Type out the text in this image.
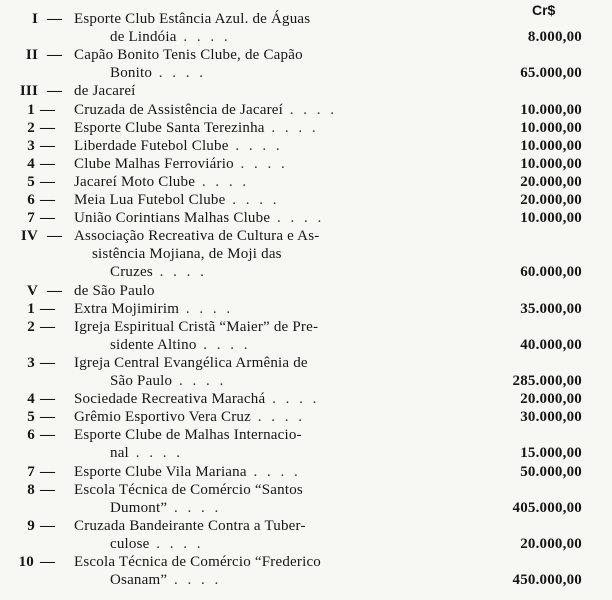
Cr$
I — Esporte Club Estância Azul. de Águas
de Lindóia . . . .	8.000,00
II — Capão Bonito Tenis Clube, de Capão
Bonito . . . .	65.000,00
III — de Jacareí
1 — Cruzada de Assistência de Jacareí . . . .	10.000,00
2 — Esporte Clube Santa Terezinha . . . .	10.000,00
3 — Liberdade Futebol Clube . . . .	10.000,00
4 — Clube Malhas Ferroviário . . . .	10.000,00
5 — Jacareí Moto Clube . . . .	20.000,00
6 — Meia Lua Futebol Clube . . . .	20.000,00
7 — União Corintians Malhas Clube . . . .	10.000,00
IV — Associação Recreativa de Cultura e As-
sistência Mojiana, de Moji das
Cruzes . . . .	60.000,00
V — de São Paulo
1 — Extra Mojimirim . . . .	35.000,00
2 — Igreja Espiritual Cristã “Maier” de Pre-
sidente Altino . . . .	40.000,00
3 — Igreja Central Evangélica Armênia de
São Paulo . . . .	285.000,00
4 — Sociedade Recreativa Marachá . . . .	20.000,00
5 — Grêmio Esportivo Vera Cruz . . . .	30.000,00
6 — Esporte Clube de Malhas Internacio-
nal . . . .	15.000,00
7 — Esporte Clube Vila Mariana . . . .	50.000,00
8 — Escola Técnica de Comércio “Santos
Dumont” . . . .	405.000,00
9 — Cruzada Bandeirante Contra a Tuber-
culose . . . .	20.000,00
10 — Escola Técnica de Comércio “Frederico
Osanam” . . . .	450.000,00
